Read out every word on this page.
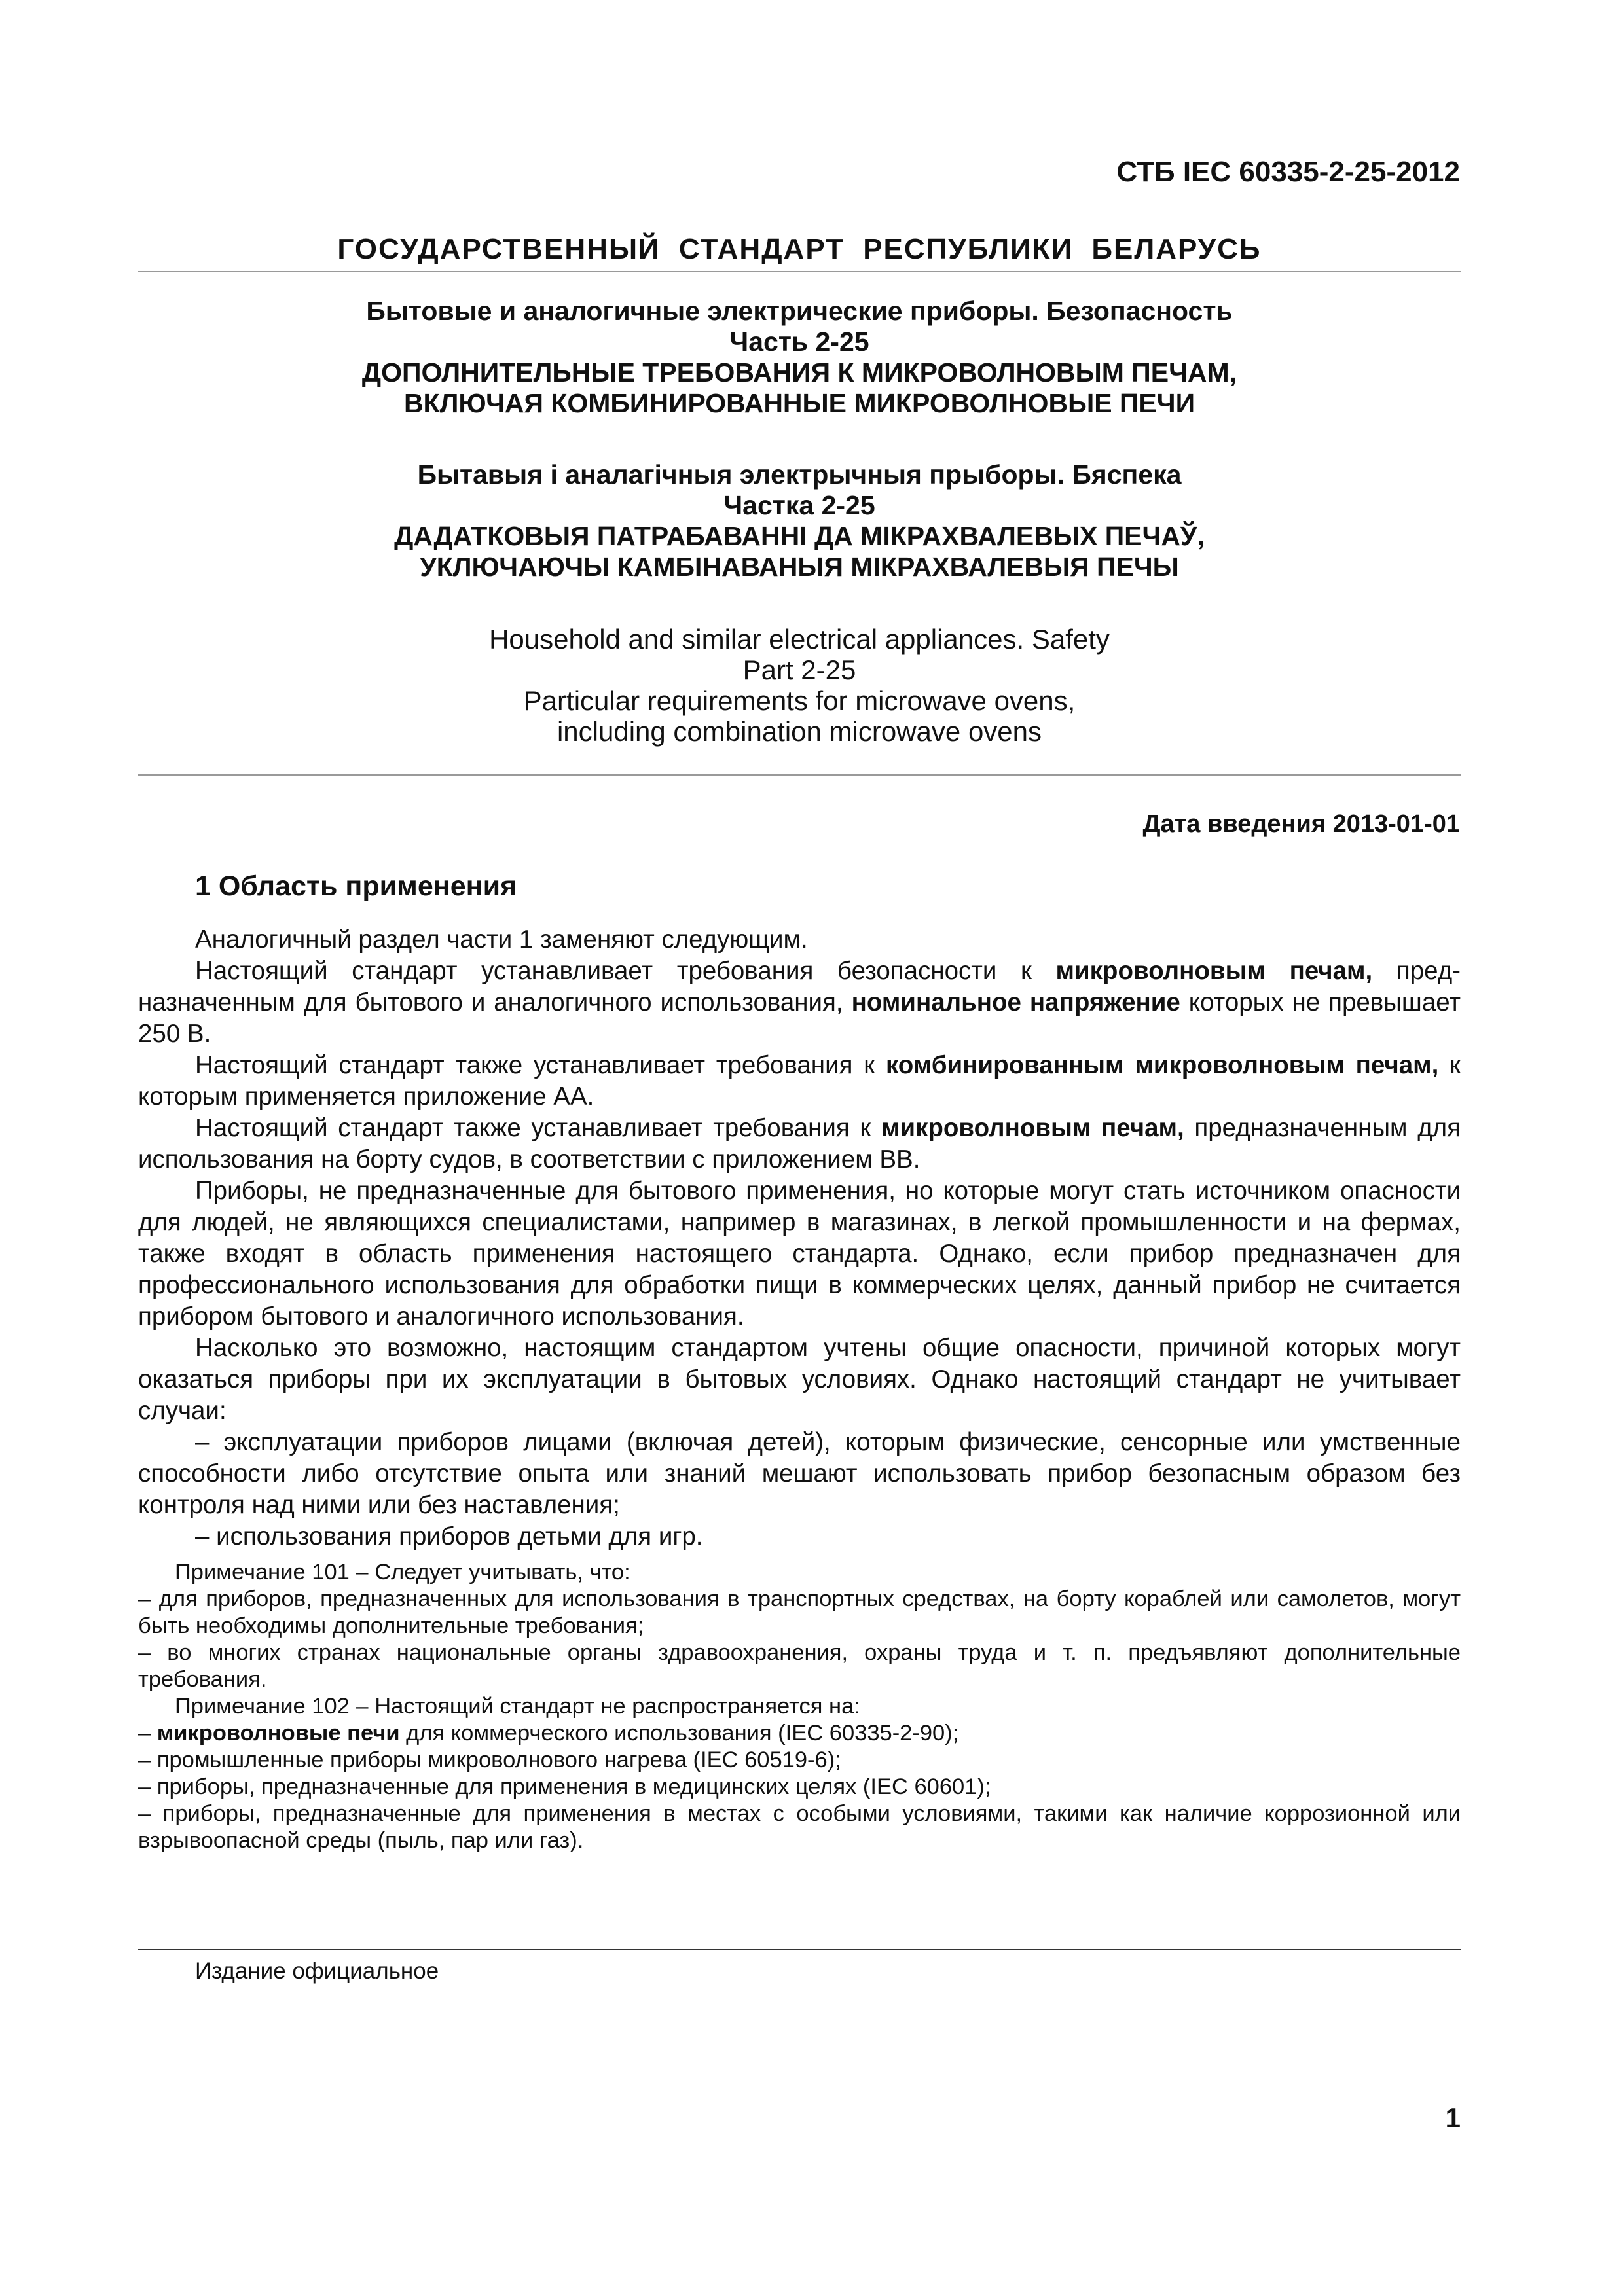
СТБ IEC 60335-2-25-2012
ГОСУДАРСТВЕННЫЙ СТАНДАРТ РЕСПУБЛИКИ БЕЛАРУСЬ
Бытовые и аналогичные электрические приборы. Безопасность
Часть 2-25
ДОПОЛНИТЕЛЬНЫЕ ТРЕБОВАНИЯ К МИКРОВОЛНОВЫМ ПЕЧАМ,
ВКЛЮЧАЯ КОМБИНИРОВАННЫЕ МИКРОВОЛНОВЫЕ ПЕЧИ
Бытавыя і аналагічныя электрычныя прыборы. Бяспека
Частка 2-25
ДАДАТКОВЫЯ ПАТРАБАВАННІ ДА МІКРАХВАЛЕВЫХ ПЕЧАЎ,
УКЛЮЧАЮЧЫ КАМБІНАВАНЫЯ МІКРАХВАЛЕВЫЯ ПЕЧЫ
Household and similar electrical appliances. Safety
Part 2-25
Particular requirements for microwave ovens,
including combination microwave ovens
Дата введения 2013-01-01
1 Область применения

Аналогичный раздел части 1 заменяют следующим.

Настоящий стандарт устанавливает требования безопасности к микроволновым печам, предназначенным для бытового и аналогичного использования, номинальное напряжение которых не превышает 250 В.

Настоящий стандарт также устанавливает требования к комбинированным микроволновым печам, к которым применяется приложение АА.

Настоящий стандарт также устанавливает требования к микроволновым печам, предназначенным для использования на борту судов, в соответствии с приложением ВВ.

Приборы, не предназначенные для бытового применения, но которые могут стать источником опасности для людей, не являющихся специалистами, например в магазинах, в легкой промышленности и на фермах, также входят в область применения настоящего стандарта. Однако, если прибор предназначен для профессионального использования для обработки пищи в коммерческих целях, данный прибор не считается прибором бытового и аналогичного использования.

Насколько это возможно, настоящим стандартом учтены общие опасности, причиной которых могут оказаться приборы при их эксплуатации в бытовых условиях. Однако настоящий стандарт не учитывает случаи:

– эксплуатации приборов лицами (включая детей), которым физические, сенсорные или умственные способности либо отсутствие опыта или знаний мешают использовать прибор безопасным образом без контроля над ними или без наставления;

– использования приборов детьми для игр.

Примечание 101 – Следует учитывать, что:

– для приборов, предназначенных для использования в транспортных средствах, на борту кораблей или самолетов, могут быть необходимы дополнительные требования;

– во многих странах национальные органы здравоохранения, охраны труда и т. п. предъявляют дополнительные требования.

Примечание 102 – Настоящий стандарт не распространяется на:

– микроволновые печи для коммерческого использования (IEC 60335-2-90);

– промышленные приборы микроволнового нагрева (IEC 60519-6);

– приборы, предназначенные для применения в медицинских целях (IEC 60601);

– приборы, предназначенные для применения в местах с особыми условиями, такими как наличие коррозионной или взрывоопасной среды (пыль, пар или газ).

Издание официальное
1
